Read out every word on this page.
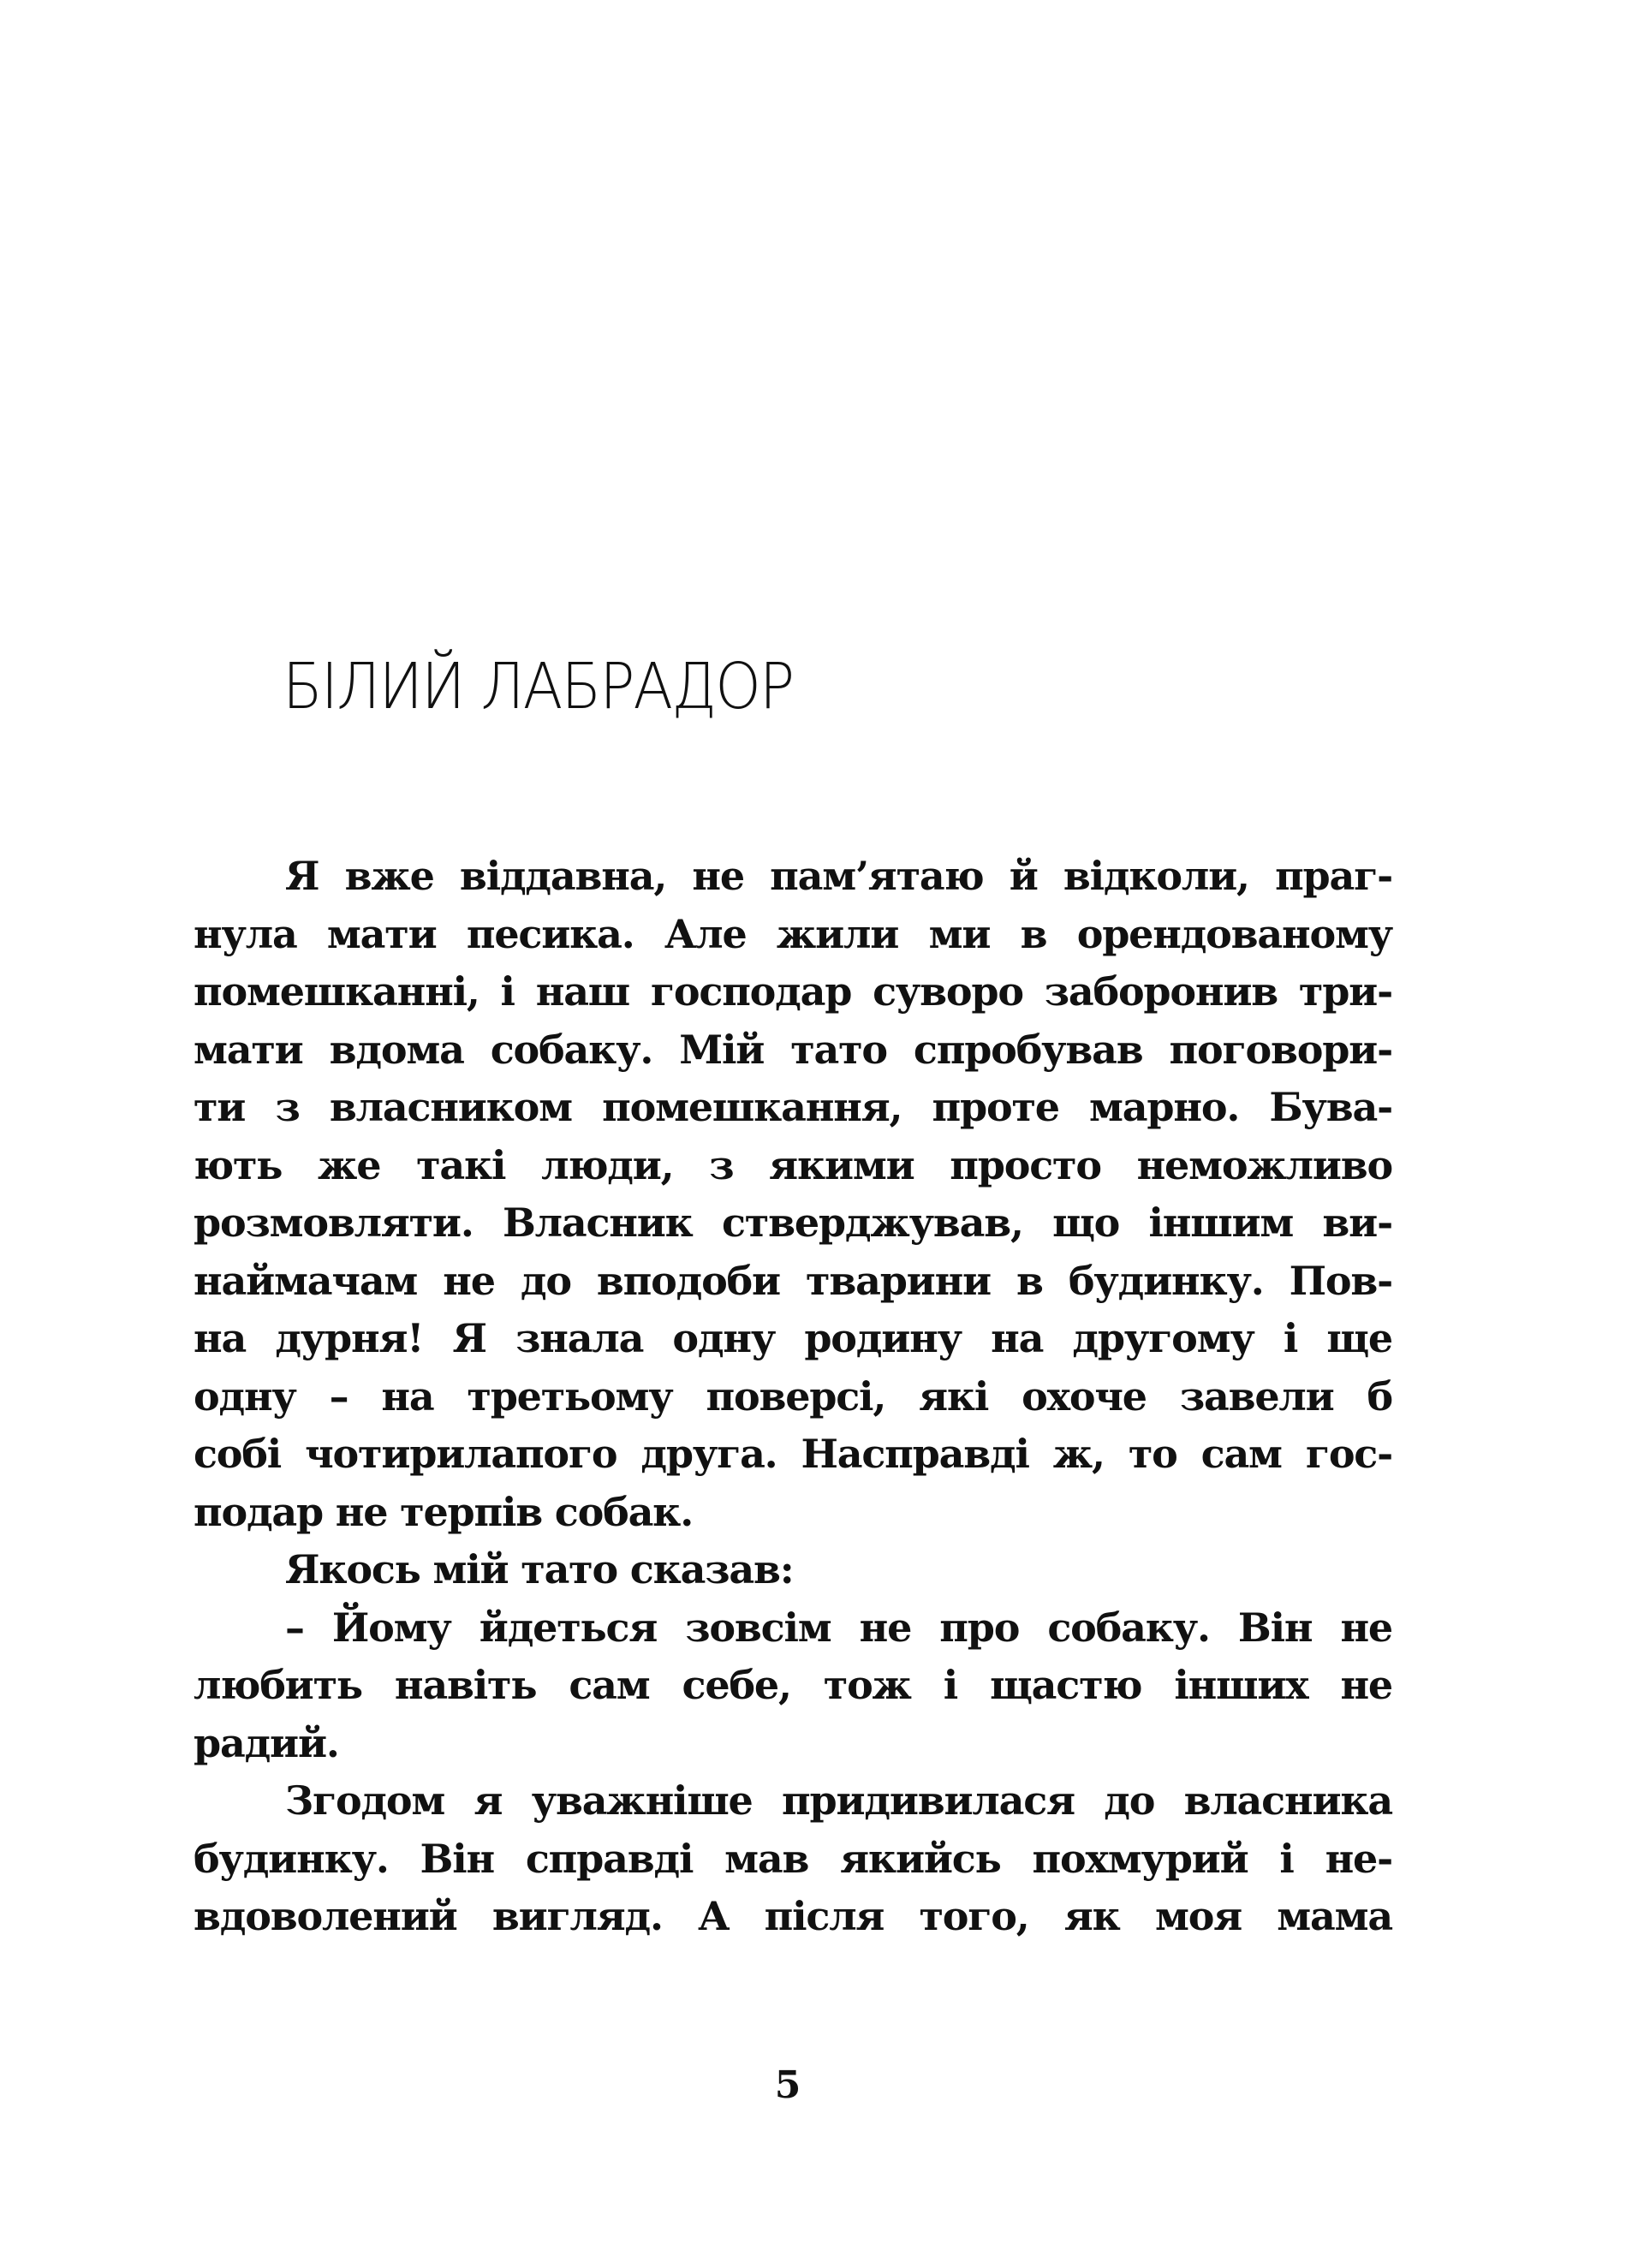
БІЛИЙ ЛАБРАДОР
Я вже віддавна, не пам’ятаю й відколи, праг-
нула мати песика. Але жили ми в орендованому
помешканні, і наш господар суворо заборонив три-
мати вдома собаку. Мій тато спробував поговори-
ти з власником помешкання, проте марно. Бува-
ють же такі люди, з якими просто неможливо
розмовляти. Власник стверджував, що іншим ви-
наймачам не до вподоби тварини в будинку. Пов-
на дурня! Я знала одну родину на другому і ще
одну – на третьому поверсі, які охоче завели б
собі чотирилапого друга. Насправді ж, то сам гос-
подар не терпів собак.
Якось мій тато сказав:
– Йому йдеться зовсім не про собаку. Він не
любить навіть сам себе, тож і щастю інших не
радий.
Згодом я уважніше придивилася до власника
будинку. Він справді мав якийсь похмурий і не-
вдоволений вигляд. А після того, як моя мама
5
